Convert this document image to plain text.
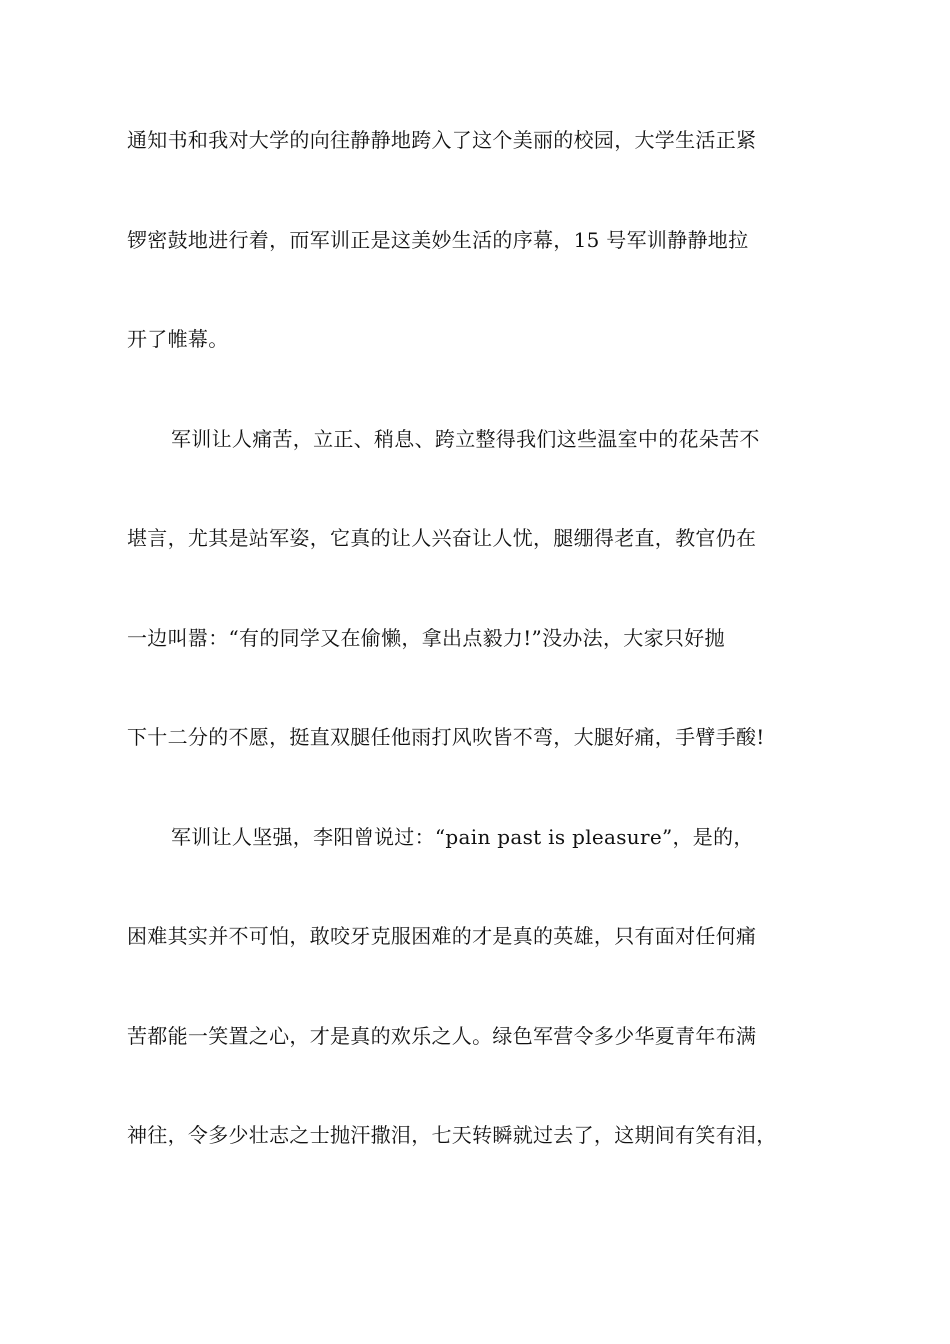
通知书和我对大学的向往静静地跨入了这个美丽的校园，大学生活正紧
锣密鼓地进行着，而军训正是这美妙生活的序幕，15 号军训静静地拉
开了帷幕。
军训让人痛苦，立正、稍息、跨立整得我们这些温室中的花朵苦不
堪言，尤其是站军姿，它真的让人兴奋让人忧，腿绷得老直，教官仍在
一边叫嚣：“有的同学又在偷懒，拿出点毅力!”没办法，大家只好抛
下十二分的不愿，挺直双腿任他雨打风吹皆不弯，大腿好痛，手臂手酸!
军训让人坚强，李阳曾说过：“pain past is pleasure”，是的，
困难其实并不可怕，敢咬牙克服困难的才是真的英雄，只有面对任何痛
苦都能一笑置之心，才是真的欢乐之人。绿色军营令多少华夏青年布满
神往，令多少壮志之士抛汗撒泪，七天转瞬就过去了，这期间有笑有泪，
